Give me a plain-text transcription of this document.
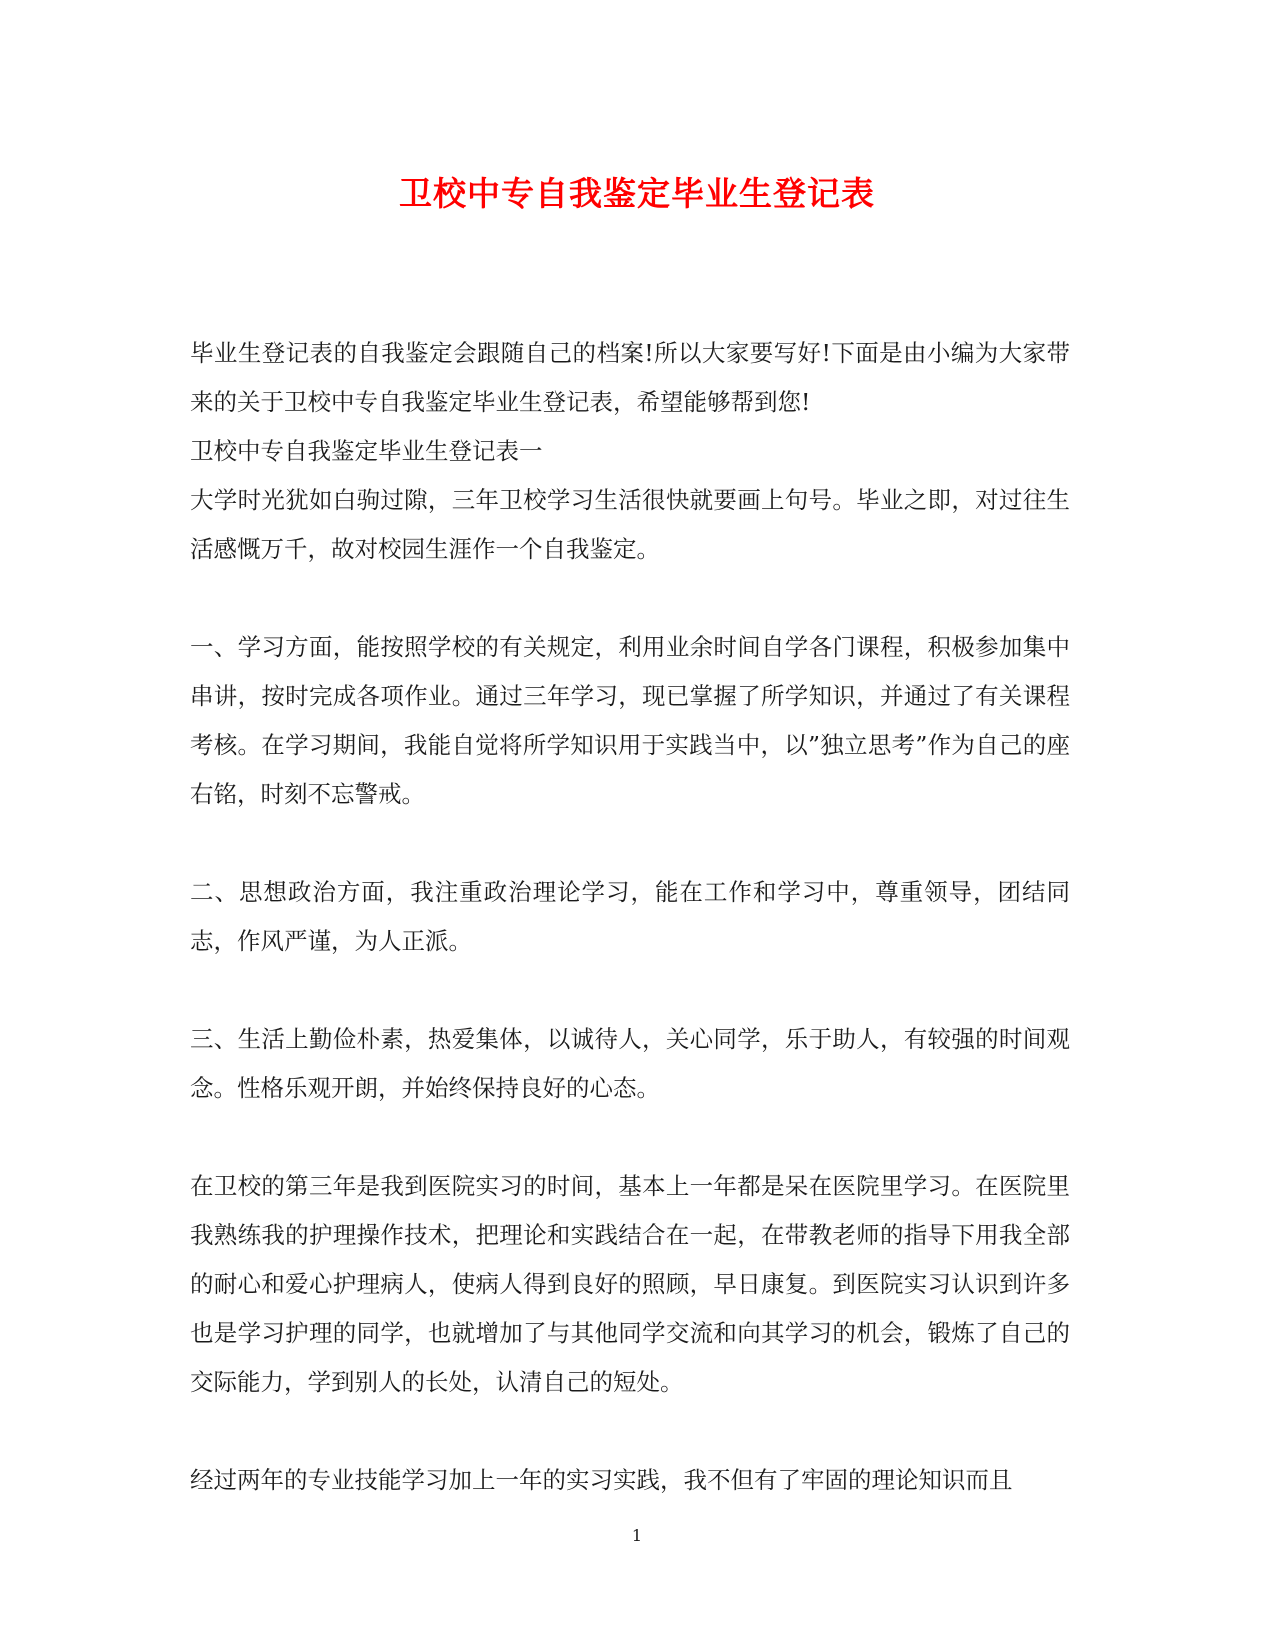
卫校中专自我鉴定毕业生登记表

毕业生登记表的自我鉴定会跟随自己的档案!所以大家要写好!下面是由小编为大家带来的关于卫校中专自我鉴定毕业生登记表，希望能够帮到您!

卫校中专自我鉴定毕业生登记表一

大学时光犹如白驹过隙，三年卫校学习生活很快就要画上句号。毕业之即，对过往生活感慨万千，故对校园生涯作一个自我鉴定。

一、学习方面，能按照学校的有关规定，利用业余时间自学各门课程，积极参加集中串讲，按时完成各项作业。通过三年学习，现已掌握了所学知识，并通过了有关课程考核。在学习期间，我能自觉将所学知识用于实践当中，以”独立思考”作为自己的座右铭，时刻不忘警戒。

二、思想政治方面，我注重政治理论学习，能在工作和学习中，尊重领导，团结同志，作风严谨，为人正派。

三、生活上勤俭朴素，热爱集体，以诚待人，关心同学，乐于助人，有较强的时间观念。性格乐观开朗，并始终保持良好的心态。

在卫校的第三年是我到医院实习的时间，基本上一年都是呆在医院里学习。在医院里我熟练我的护理操作技术，把理论和实践结合在一起，在带教老师的指导下用我全部的耐心和爱心护理病人，使病人得到良好的照顾，早日康复。到医院实习认识到许多也是学习护理的同学，也就增加了与其他同学交流和向其学习的机会，锻炼了自己的交际能力，学到别人的长处，认清自己的短处。

经过两年的专业技能学习加上一年的实习实践，我不但有了牢固的理论知识而且

1
